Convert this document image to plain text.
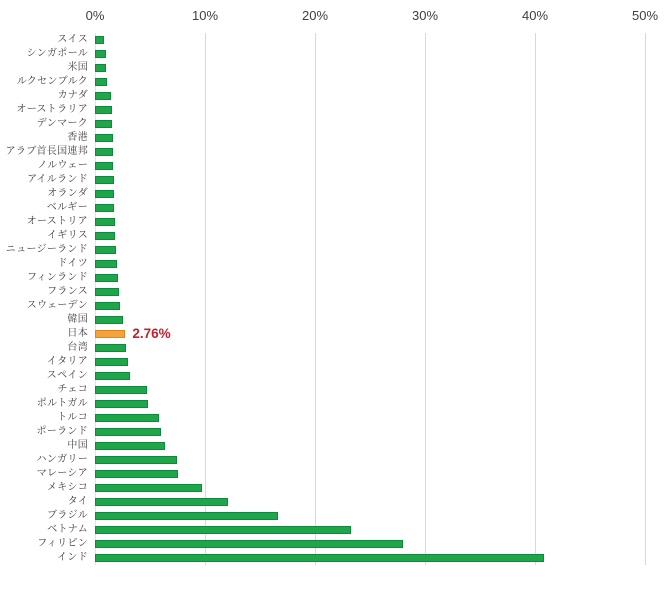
0%	10%	20%	30%	40%	50%
スイス
シンガポール
米国
ルクセンブルク
カナダ
オーストラリア
デンマーク
香港
アラブ首長国連邦
ノルウェー
アイルランド
オランダ
ベルギー
オーストリア
イギリス
ニュージーランド
ドイツ
フィンランド
フランス
スウェーデン
韓国
日本
台湾
イタリア
スペイン
チェコ
ポルトガル
トルコ
ポーランド
中国
ハンガリー
マレーシア
メキシコ
タイ
ブラジル
ベトナム
フィリピン
インド
2.76%
